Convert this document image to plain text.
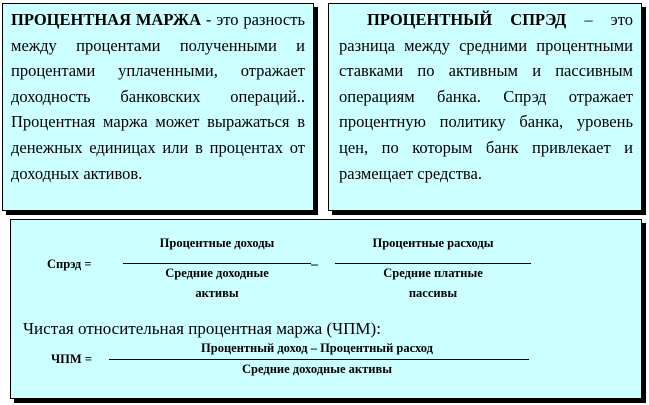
ПРОЦЕНТНАЯ МАРЖА - это разность между процентами полученными и процентами уплаченными, отражает доходность банковских операций.. Процентная маржа может выражаться в денежных единицах или в процентах от доходных активов.

ПРОЦЕНТНЫЙ СПРЭД – это разница между средними процентными ставками по активным и пассивным операциям банка. Спрэд отражает процентную политику банка, уровень цен, по которым банк привлекает и размещает средства.

Спрэд =
Процентные доходы
Средние доходные
активы
–
Процентные расходы
Средние платные
пассивы
Чистая относительная процентная маржа (ЧПМ):
ЧПМ =
Процентный доход – Процентный расход
Средние доходные активы
